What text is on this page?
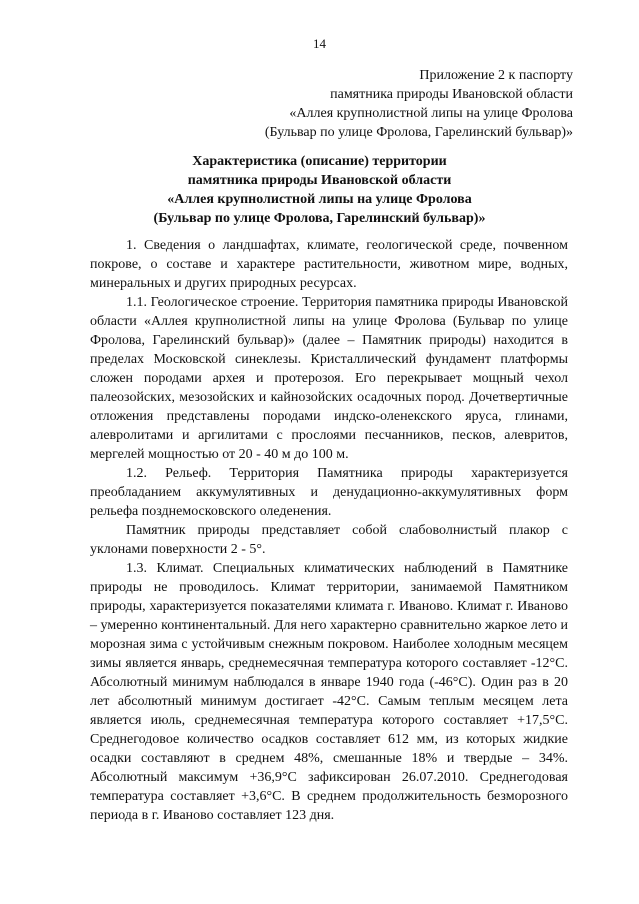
14
Приложение 2 к паспорту
памятника природы Ивановской области
«Аллея крупнолистной липы на улице Фролова
(Бульвар по улице Фролова, Гарелинский бульвар)»
Характеристика (описание) территории
памятника природы Ивановской области
«Аллея крупнолистной липы на улице Фролова
(Бульвар по улице Фролова, Гарелинский бульвар)»

1. Сведения о ландшафтах, климате, геологической среде, почвенном покрове, о составе и характере растительности, животном мире, водных, минеральных и других природных ресурсах.

1.1. Геологическое строение. Территория памятника природы Ивановской области «Аллея крупнолистной липы на улице Фролова (Бульвар по улице Фролова, Гарелинский бульвар)» (далее – Памятник природы) находится в пределах Московской синеклезы. Кристаллический фундамент платформы сложен породами архея и протерозоя. Его перекрывает мощный чехол палеозойских, мезозойских и кайнозойских осадочных пород. Дочетвертичные отложения представлены породами индско-оленекского яруса, глинами, алевролитами и аргилитами с прослоями песчанников, песков, алевритов, мергелей мощностью от 20 - 40 м до 100 м.

1.2. Рельеф. Территория Памятника природы характеризуется преобладанием аккумулятивных и денудационно-аккумулятивных форм рельефа позднемосковского оледенения.

Памятник природы представляет собой слабоволнистый плакор с уклонами поверхности 2 - 5°.

1.3. Климат. Специальных климатических наблюдений в Памятнике природы не проводилось. Климат территории, занимаемой Памятником природы, характеризуется показателями климата г. Иваново. Климат г. Иваново – умеренно континентальный. Для него характерно сравнительно жаркое лето и морозная зима с устойчивым снежным покровом. Наиболее холодным месяцем зимы является январь, среднемесячная температура которого составляет -12°С. Абсолютный минимум наблюдался в январе 1940 года (-46°С). Один раз в 20 лет абсолютный минимум достигает -42°С. Самым теплым месяцем лета является июль, среднемесячная температура которого составляет +17,5°С. Среднегодовое количество осадков составляет 612 мм, из которых жидкие осадки составляют в среднем 48%, смешанные 18% и твердые – 34%. Абсолютный максимум +36,9°С зафиксирован 26.07.2010. Среднегодовая температура составляет +3,6°С. В среднем продолжительность безморозного периода в г. Иваново составляет 123 дня.
